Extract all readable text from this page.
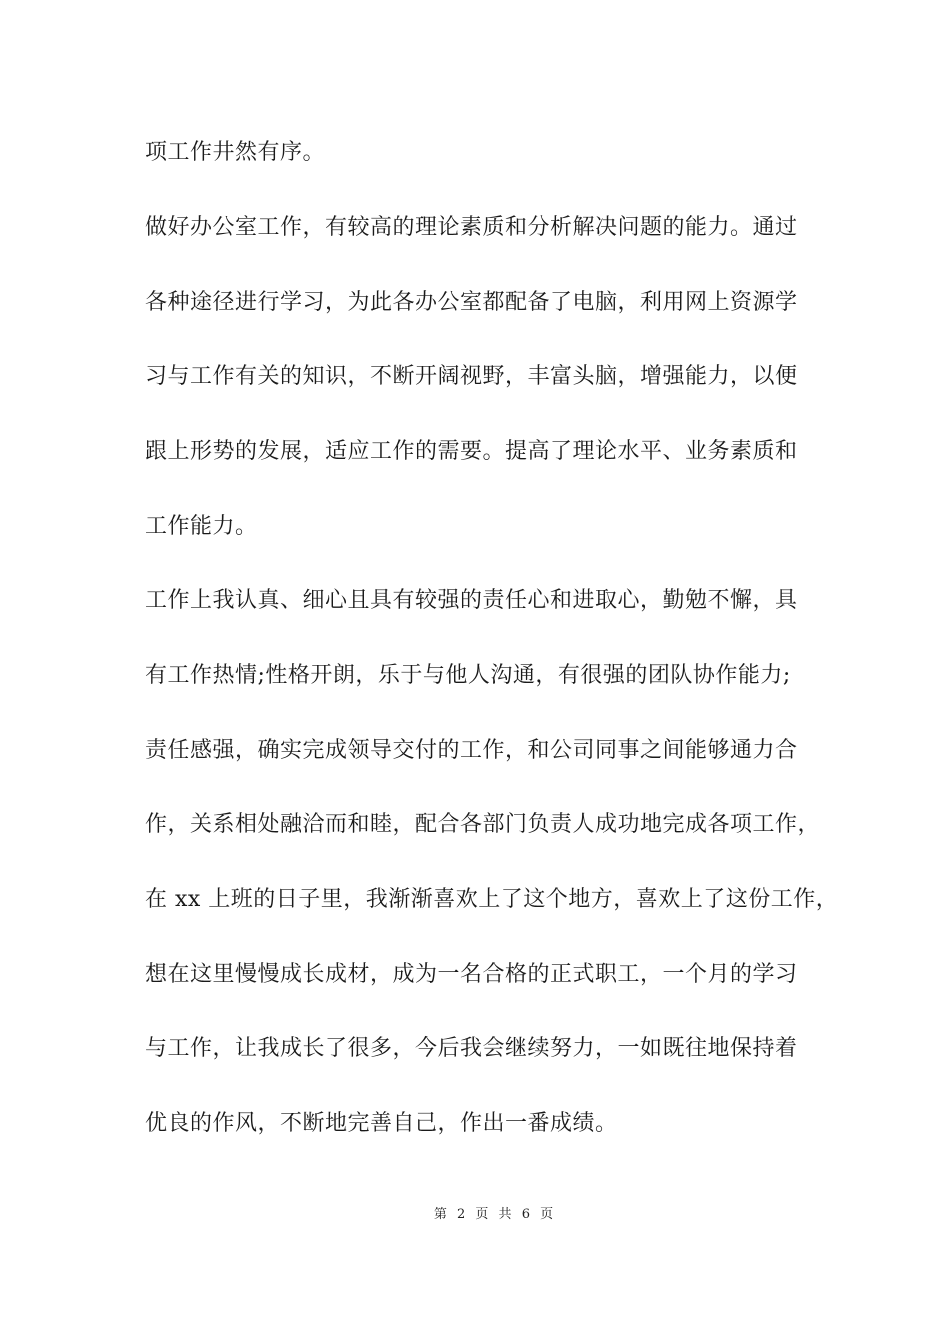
项工作井然有序。
做好办公室工作，有较高的理论素质和分析解决问题的能力。通过
各种途径进行学习，为此各办公室都配备了电脑，利用网上资源学
习与工作有关的知识，不断开阔视野，丰富头脑，增强能力，以便
跟上形势的发展，适应工作的需要。提高了理论水平、业务素质和
工作能力。
工作上我认真、细心且具有较强的责任心和进取心，勤勉不懈，具
有工作热情;性格开朗，乐于与他人沟通，有很强的团队协作能力;
责任感强，确实完成领导交付的工作，和公司同事之间能够通力合
作，关系相处融洽而和睦，配合各部门负责人成功地完成各项工作，
在 xx 上班的日子里，我渐渐喜欢上了这个地方，喜欢上了这份工作，
想在这里慢慢成长成材，成为一名合格的正式职工，一个月的学习
与工作，让我成长了很多，今后我会继续努力，一如既往地保持着
优良的作风，不断地完善自己，作出一番成绩。
第 2 页 共 6 页
